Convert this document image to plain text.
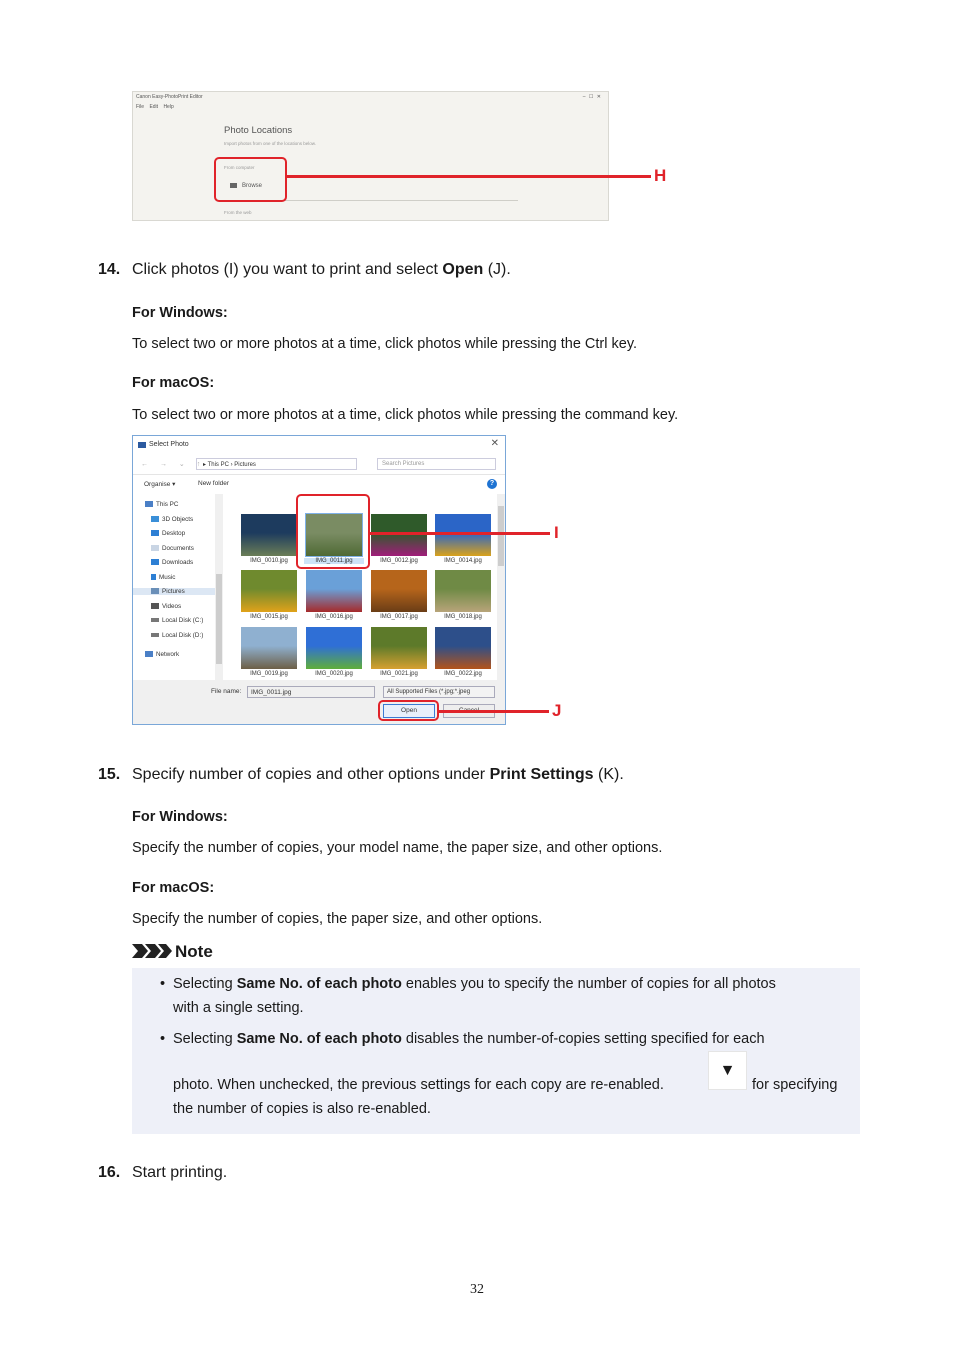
Canon Easy-PhotoPrint Editor	– ☐ ✕
File Edit Help
Photo Locations
Import photos from one of the locations below.
From computer
Browse
From the web
H
14. Click photos (I) you want to print and select Open (J).
For Windows:
To select two or more photos at a time, click photos while pressing the Ctrl key.
For macOS:
To select two or more photos at a time, click photos while pressing the command key.
Select Photo	✕
← → ⌄ ↑
▸ This PC › Pictures	Search Pictures
Organise ▾	New folder	?
This PC
3D Objects
Desktop
Documents
Downloads
Music
Pictures
Videos
Local Disk (C:)
Local Disk (D:)
Network
IMG_0010.jpg	IMG_0011.jpg	IMG_0012.jpg	IMG_0014.jpg
IMG_0015.jpg	IMG_0016.jpg	IMG_0017.jpg	IMG_0018.jpg
IMG_0019.jpg	IMG_0020.jpg	IMG_0021.jpg	IMG_0022.jpg
File name:	IMG_0011.jpg	All Supported Files (*.jpg;*.jpeg
Open
I
J
15. Specify number of copies and other options under Print Settings (K).
For Windows:
Specify the number of copies, your model name, the paper size, and other options.
For macOS:
Specify the number of copies, the paper size, and other options.
Note
• Selecting Same No. of each photo enables you to specify the number of copies for all photos
with a single setting.
• Selecting Same No. of each photo disables the number-of-copies setting specified for each
photo. When unchecked, the previous settings for each copy are re-enabled.	for specifying
the number of copies is also re-enabled.
▼
16. Start printing.
32
